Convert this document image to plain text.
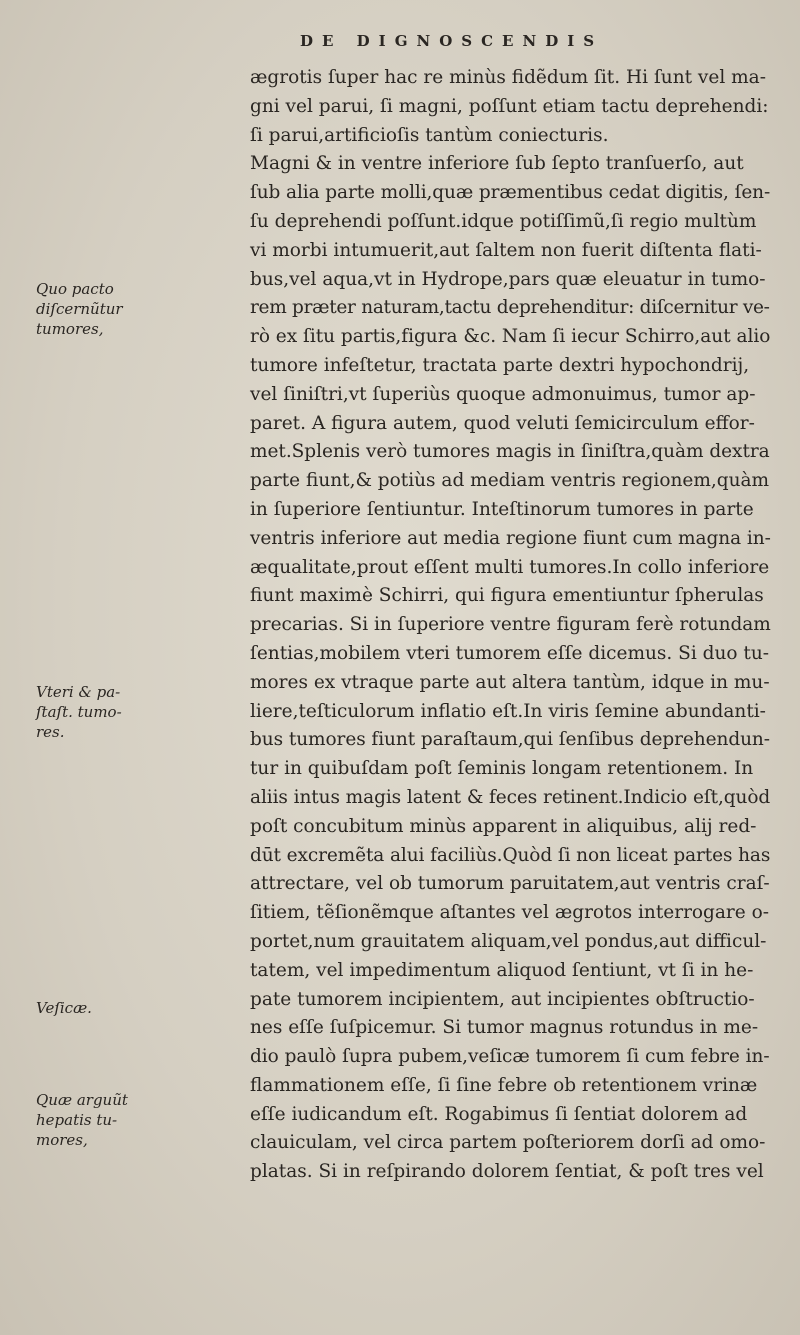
DE DIGNOSCENDIS
ægrotis ſuper hac re minùs fidẽdum ſit. Hi ſunt vel ma-
gni vel parui, ſi magni, poſſunt etiam tactu deprehendi:
ſi parui,artificioſis tantùm coniecturis.
Magni & in ventre inferiore ſub ſepto tranſuerſo, aut
ſub alia parte molli,quæ præmentibus cedat digitis, ſen-
ſu deprehendi poſſunt.idque potiſſimũ,ſi regio multùm
vi morbi intumuerit,aut ſaltem non fuerit diſtenta flati-
bus,vel aqua,vt in Hydrope,pars quæ eleuatur in tumo-
rem præter naturam,tactu deprehenditur: diſcernitur ve-
rò ex ſitu partis,figura &c. Nam ſi iecur Schirro,aut alio
tumore infeſtetur, tractata parte dextri hypochondrij,
vel ſiniſtri,vt ſuperiùs quoque admonuimus, tumor ap-
paret. A figura autem, quod veluti ſemicirculum effor-
met.Splenis verò tumores magis in ſiniſtra,quàm dextra
parte fiunt,& potiùs ad mediam ventris regionem,quàm
in ſuperiore ſentiuntur. Inteſtinorum tumores in parte
ventris inferiore aut media regione fiunt cum magna in-
æqualitate,prout eſſent multi tumores.In collo inferiore
fiunt maximè Schirri, qui figura ementiuntur ſpherulas
precarias. Si in ſuperiore ventre figuram ferè rotundam
ſentias,mobilem vteri tumorem eſſe dicemus. Si duo tu-
mores ex vtraque parte aut altera tantùm, idque in mu-
liere,teſticulorum inflatio eſt.In viris ſemine abundanti-
bus tumores fiunt paraſtaum,qui ſenſibus deprehendun-
tur in quibuſdam poſt ſeminis longam retentionem. In
aliis intus magis latent & feces retinent.Indicio eſt,quòd
poſt concubitum minùs apparent in aliquibus, alij red-
dūt excremẽta alui faciliùs.Quòd ſi non liceat partes has
attrectare, vel ob tumorum paruitatem,aut ventris craſ-
ſitiem, tẽſionẽmque aſtantes vel ægrotos interrogare o-
portet,num grauitatem aliquam,vel pondus,aut difficul-
tatem, vel impedimentum aliquod ſentiunt, vt ſi in he-
pate tumorem incipientem, aut incipientes obſtructio-
nes eſſe ſuſpicemur. Si tumor magnus rotundus in me-
dio paulò ſupra pubem,veſicæ tumorem ſi cum febre in-
flammationem eſſe, ſi ſine febre ob retentionem vrinæ
eſſe iudicandum eſt. Rogabimus ſi ſentiat dolorem ad
clauiculam, vel circa partem poſteriorem dorſi ad omo-
platas. Si in reſpirando dolorem ſentiat, & poſt tres vel
Quo pacto
diſcernũtur
tumores,
Vteri & pa-
ſtaſt. tumo-
res.
Veſicæ.
Quæ arguũt
hepatis tu-
mores,
